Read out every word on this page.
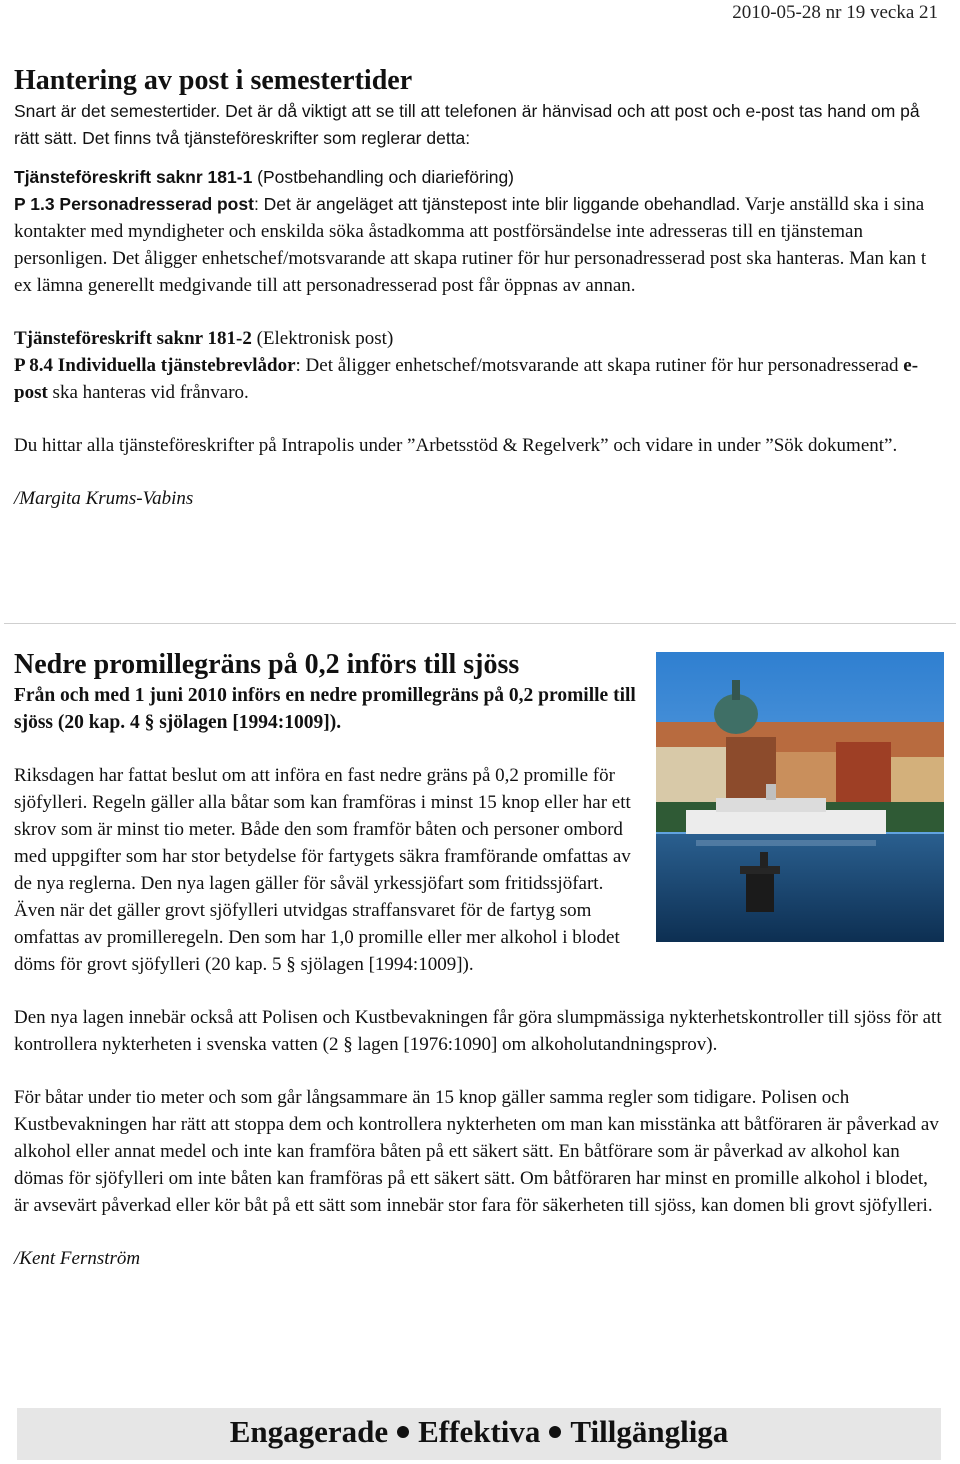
2010-05-28 nr 19 vecka 21
Hantering av post i semestertider

Snart är det semestertider. Det är då viktigt att se till att telefonen är hänvisad och att post och e-post tas hand om på rätt sätt. Det finns två tjänsteföreskrifter som reglerar detta:

Tjänsteföreskrift saknr 181-1 (Postbehandling och diarieföring)

P 1.3 Personadresserad post: Det är angeläget att tjänstepost inte blir liggande obehandlad. Varje anställd ska i sina kontakter med myndigheter och enskilda söka åstadkomma att postförsändelse inte adresseras till en tjänsteman personligen. Det åligger enhetschef/motsvarande att skapa rutiner för hur personadresserad post ska hanteras. Man kan t ex lämna generellt medgivande till att personadresserad post får öppnas av annan.

Tjänsteföreskrift saknr 181-2 (Elektronisk post)

P 8.4 Individuella tjänstebrevlådor: Det åligger enhetschef/motsvarande att skapa rutiner för hur personadresserad e-post ska hanteras vid frånvaro.

Du hittar alla tjänsteföreskrifter på Intrapolis under ”Arbetsstöd & Regelverk” och vidare in under ”Sök dokument”.

/Margita Krums-Vabins

Nedre promillegräns på 0,2 införs till sjöss

Från och med 1 juni 2010 införs en nedre promillegräns på 0,2 promille till sjöss (20 kap. 4 § sjölagen [1994:1009]).

Riksdagen har fattat beslut om att införa en fast nedre gräns på 0,2 promille för sjöfylleri. Regeln gäller alla båtar som kan framföras i minst 15 knop eller har ett skrov som är minst tio meter. Både den som framför båten och personer ombord med uppgifter som har stor betydelse för fartygets säkra framförande omfattas av de nya reglerna. Den nya lagen gäller för såväl yrkessjöfart som fritidssjöfart. Även när det gäller grovt sjöfylleri utvidgas straffansvaret för de fartyg som omfattas av promilleregeln. Den som har 1,0 promille eller mer alkohol i blodet döms för grovt sjöfylleri (20 kap. 5 § sjölagen [1994:1009]).

Den nya lagen innebär också att Polisen och Kustbevakningen får göra slumpmässiga nykterhetskontroller till sjöss för att kontrollera nykterheten i svenska vatten (2 § lagen [1976:1090] om alkoholutandningsprov).

För båtar under tio meter och som går långsammare än 15 knop gäller samma regler som tidigare. Polisen och Kustbevakningen har rätt att stoppa dem och kontrollera nykterheten om man kan misstänka att båtföraren är påverkad av alkohol eller annat medel och inte kan framföra båten på ett säkert sätt. En båtförare som är påverkad av alkohol kan dömas för sjöfylleri om inte båten kan framföras på ett säkert sätt. Om båtföraren har minst en promille alkohol i blodet, är avsevärt påverkad eller kör båt på ett sätt som innebär stor fara för säkerheten till sjöss, kan domen bli grovt sjöfylleri.

/Kent Fernström

Engagerade Effektiva Tillgängliga
